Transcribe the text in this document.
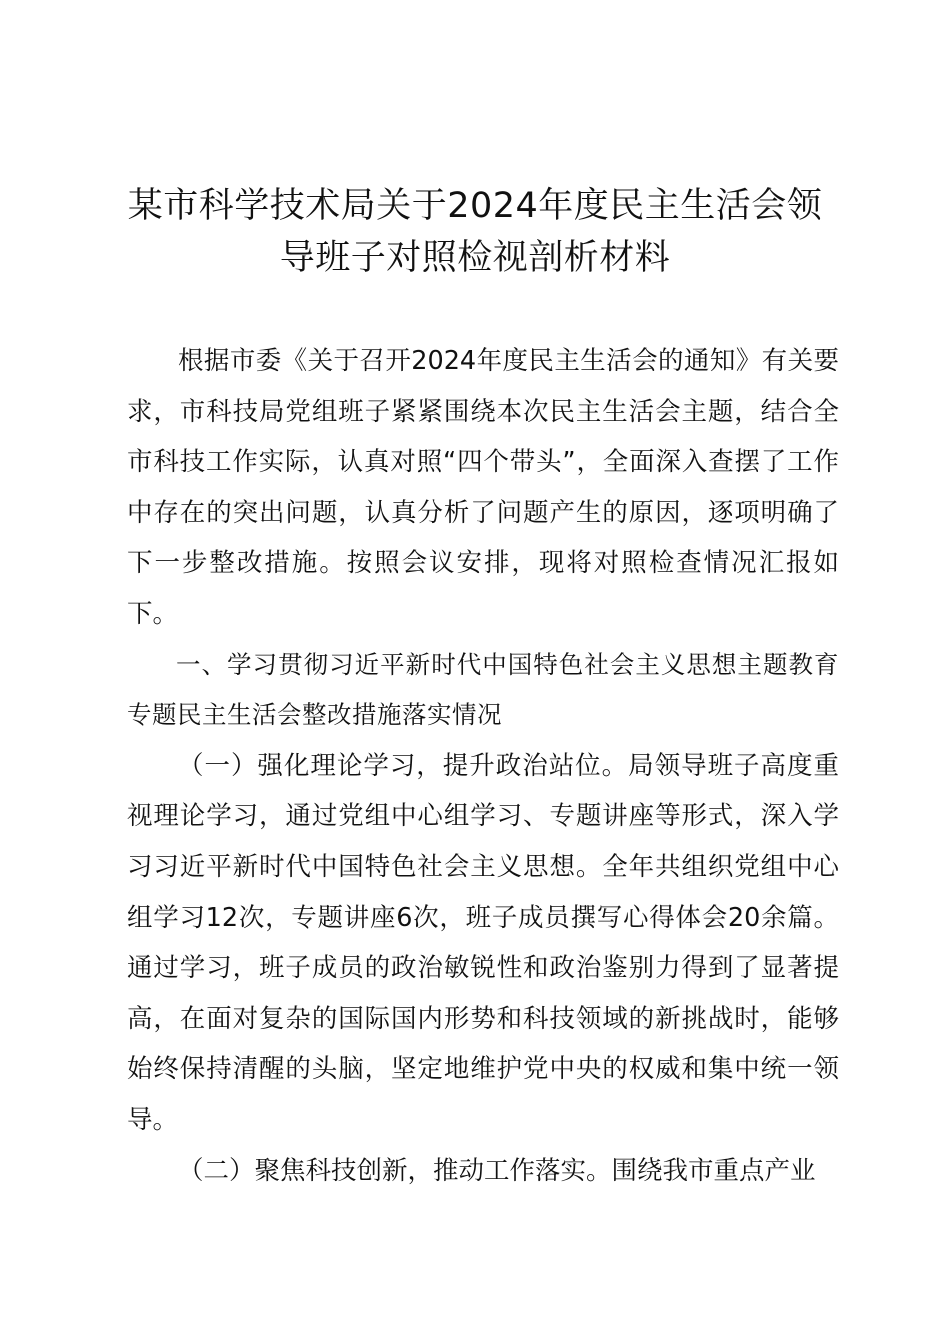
某市科学技术局关于2024年度民主生活会领
导班子对照检视剖析材料

根据市委《关于召开2024年度民主生活会的通知》有关要求，市科技局党组班子紧紧围绕本次民主生活会主题，结合全市科技工作实际，认真对照“四个带头”，全面深入查摆了工作中存在的突出问题，认真分析了问题产生的原因，逐项明确了下一步整改措施。按照会议安排，现将对照检查情况汇报如下。

一、学习贯彻习近平新时代中国特色社会主义思想主题教育专题民主生活会整改措施落实情况

（一）强化理论学习，提升政治站位。局领导班子高度重视理论学习，通过党组中心组学习、专题讲座等形式，深入学习习近平新时代中国特色社会主义思想。全年共组织党组中心组学习12次，专题讲座6次，班子成员撰写心得体会20余篇。通过学习，班子成员的政治敏锐性和政治鉴别力得到了显著提高，在面对复杂的国际国内形势和科技领域的新挑战时，能够始终保持清醒的头脑，坚定地维护党中央的权威和集中统一领导。

（二）聚焦科技创新，推动工作落实。围绕我市重点产业
